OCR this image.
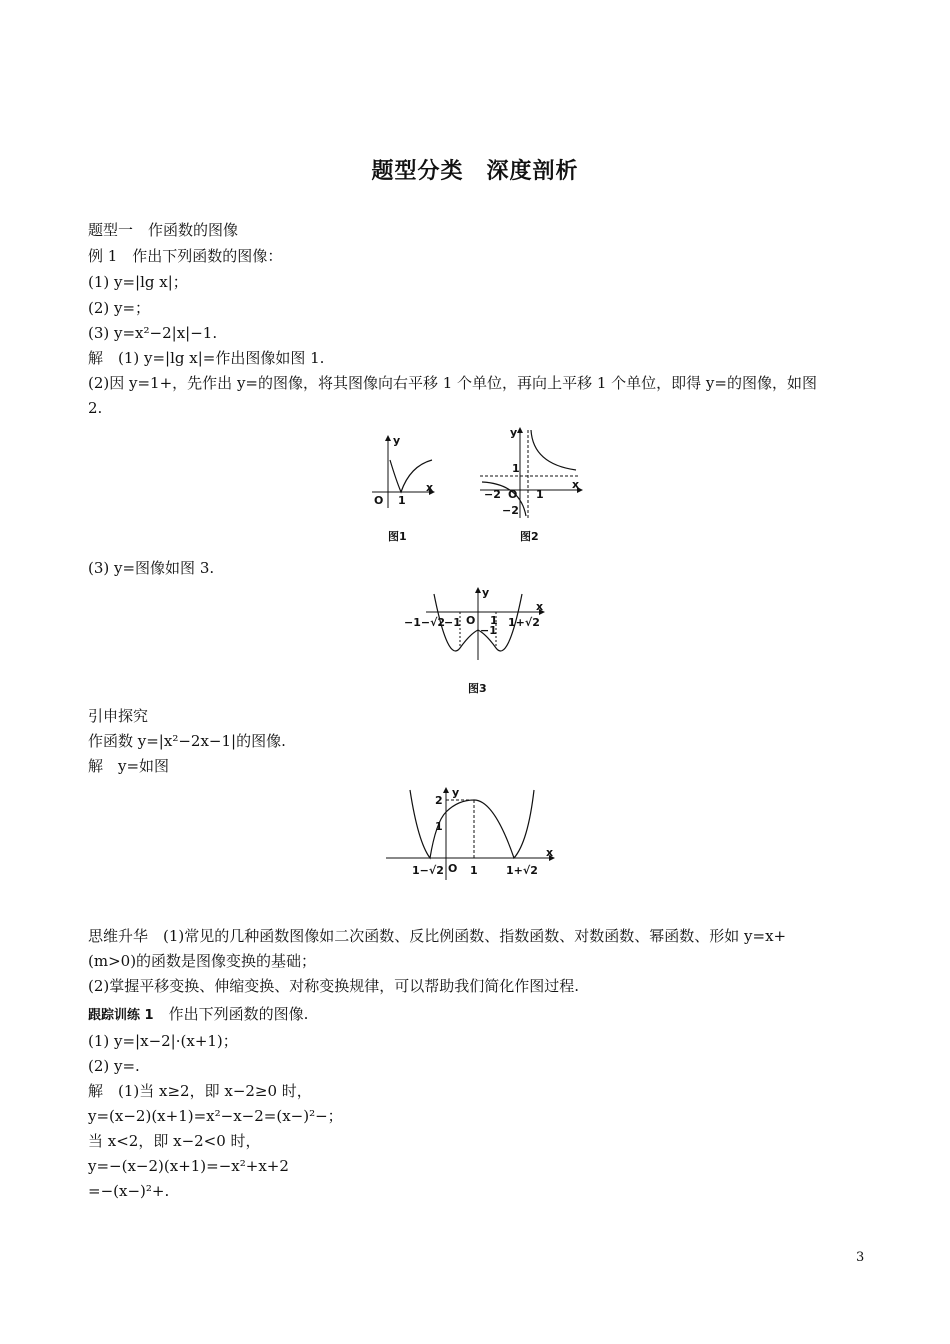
题型分类　深度剖析
题型一　作函数的图像
例 1　作出下列函数的图像：
(1) y=|lg x|；
(2) y=；
(3) y=x²−2|x|−1.
解　(1) y=|lg x|=作出图像如图 1.
(2)因 y=1+，先作出 y=的图像，将其图像向右平移 1 个单位，再向上平移 1 个单位，即得 y=的图像，如图
2.
y
x
O 1
图1
y
x
O
1
−2	1
−2
图2
(3) y=图像如图 3.
y
x
O
−1−√2
−1	1 1+√2
−1
图3
引申探究
作函数 y=|x²−2x−1|的图像.
解　y=如图
y
x
O
2
1
1−√2 1	1+√2
思维升华　(1)常见的几种函数图像如二次函数、反比例函数、指数函数、对数函数、幂函数、形如 y=x+
(m>0)的函数是图像变换的基础；
(2)掌握平移变换、伸缩变换、对称变换规律，可以帮助我们简化作图过程.
跟踪训练 1　作出下列函数的图像.
(1) y=|x−2|·(x+1)；
(2) y=.
解　(1)当 x≥2，即 x−2≥0 时，
y=(x−2)(x+1)=x²−x−2=(x−)²−；
当 x<2，即 x−2<0 时，
y=−(x−2)(x+1)=−x²+x+2
=−(x−)²+.
3
